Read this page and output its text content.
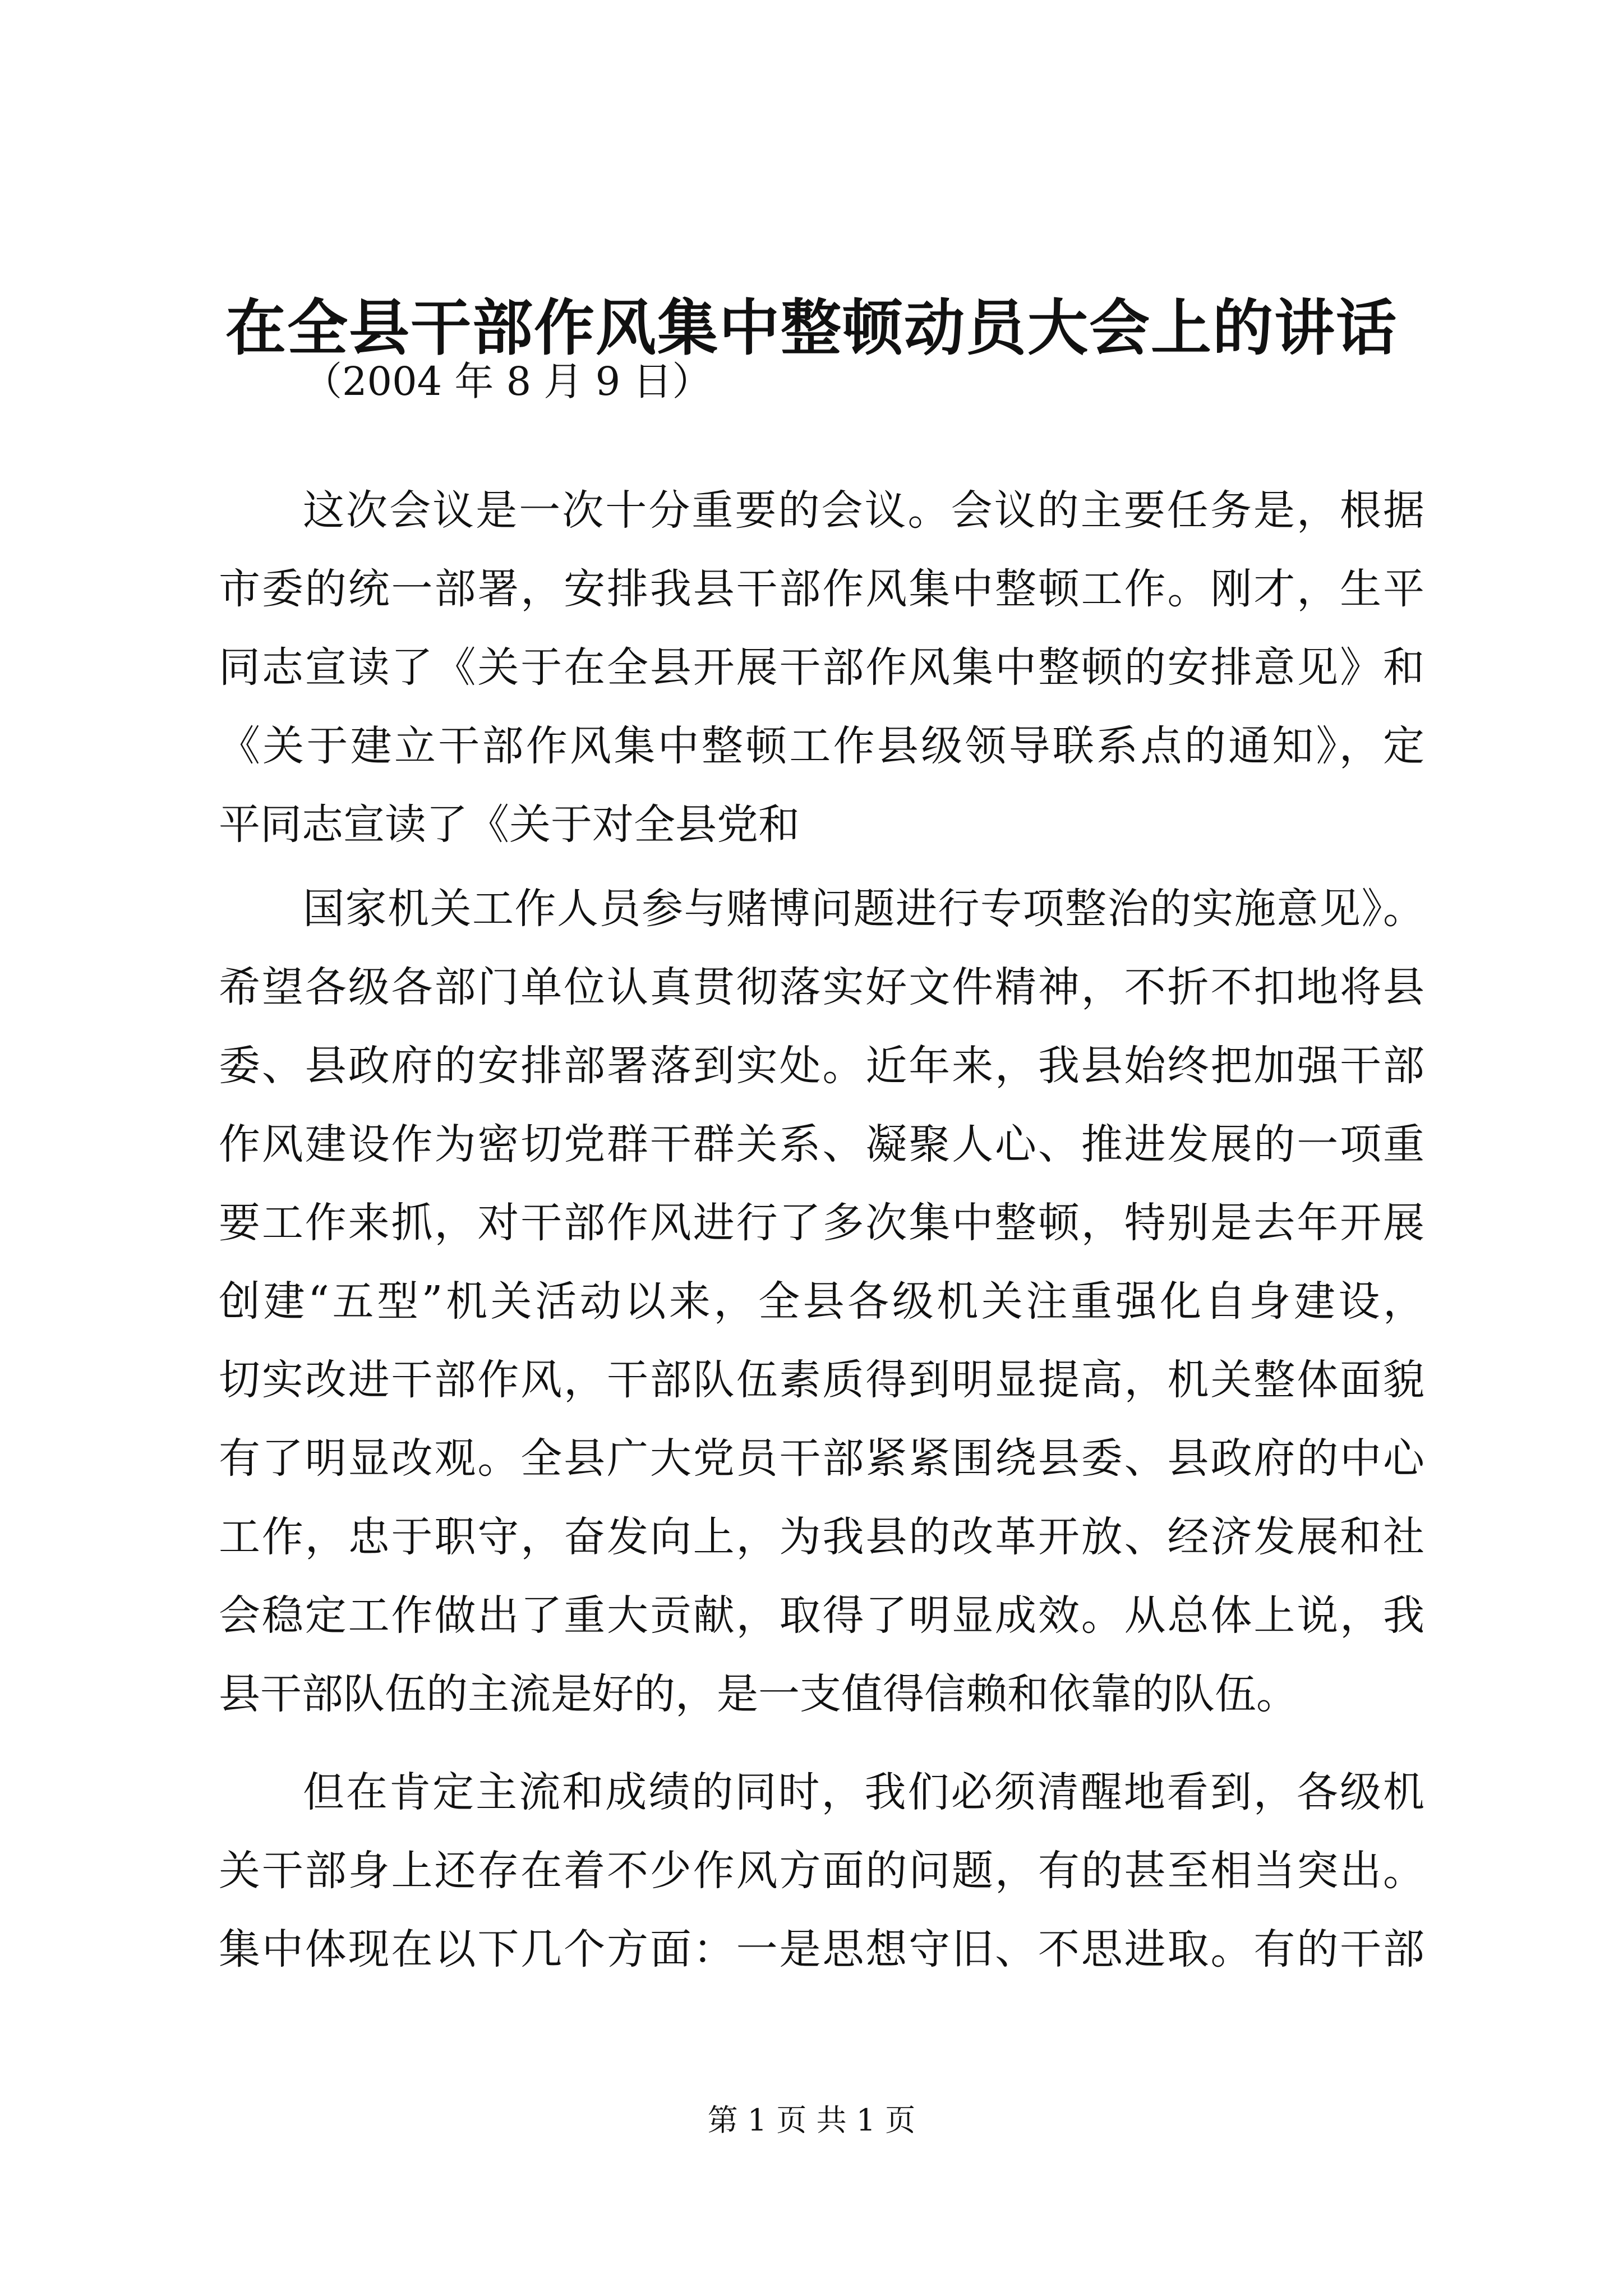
在全县干部作风集中整顿动员大会上的讲话
（2004 年 8 月 9 日）
这次会议是一次十分重要的会议。会议的主要任务是，根据
市委的统一部署，安排我县干部作风集中整顿工作。刚才，生平
同志宣读了《关于在全县开展干部作风集中整顿的安排意见》和
《关于建立干部作风集中整顿工作县级领导联系点的通知》，定
平同志宣读了《关于对全县党和
国家机关工作人员参与赌博问题进行专项整治的实施意见》。
希望各级各部门单位认真贯彻落实好文件精神，不折不扣地将县
委、县政府的安排部署落到实处。近年来，我县始终把加强干部
作风建设作为密切党群干群关系、凝聚人心、推进发展的一项重
要工作来抓，对干部作风进行了多次集中整顿，特别是去年开展
创建“五型”机关活动以来，全县各级机关注重强化自身建设，
切实改进干部作风，干部队伍素质得到明显提高，机关整体面貌
有了明显改观。全县广大党员干部紧紧围绕县委、县政府的中心
工作，忠于职守，奋发向上，为我县的改革开放、经济发展和社
会稳定工作做出了重大贡献，取得了明显成效。从总体上说，我
县干部队伍的主流是好的，是一支值得信赖和依靠的队伍。
但在肯定主流和成绩的同时，我们必须清醒地看到，各级机
关干部身上还存在着不少作风方面的问题，有的甚至相当突出。
集中体现在以下几个方面：一是思想守旧、不思进取。有的干部
第 1 页 共 1 页
